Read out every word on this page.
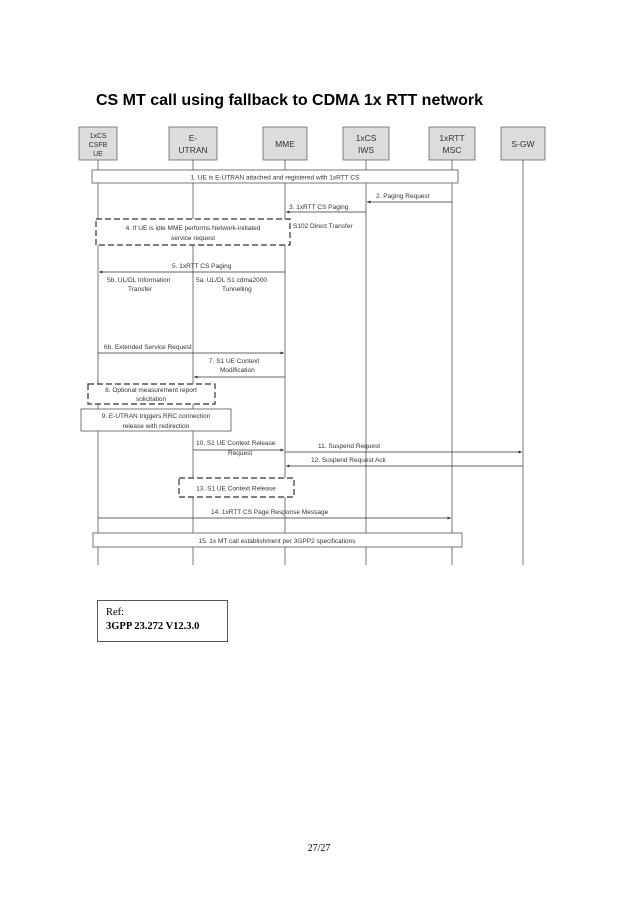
CS MT call using fallback to CDMA 1x RTT network
1xCS
CSFB
UE
E-
UTRAN
MME
1xCS
IWS
1xRTT
MSC
S-GW
1. UE is E-UTRAN attached and registered with 1xRTT CS
2. Paging Request
3. 1xRTT CS Paging
4. If UE is idle MME performs Network-initiated
service request
S102 Direct Transfer
5. 1xRTT CS Paging
5b. UL/DL Information
Transfer
5a. UL/DL S1 cdma2000
Tunnelling
6b. Extended Service Request
7. S1 UE Context
Modification
8. Optional measurement report
solicitation
9. E-UTRAN triggers RRC connection
release with redirection
10. S1 UE Context Release
Request
11. Suspend Request
12. Suspend Request Ack
13. S1 UE Context Release
14. 1xRTT CS Page Response Message
15. 1x MT call establishment per 3GPP2 specifications
Ref:
3GPP 23.272 V12.3.0
27/27
